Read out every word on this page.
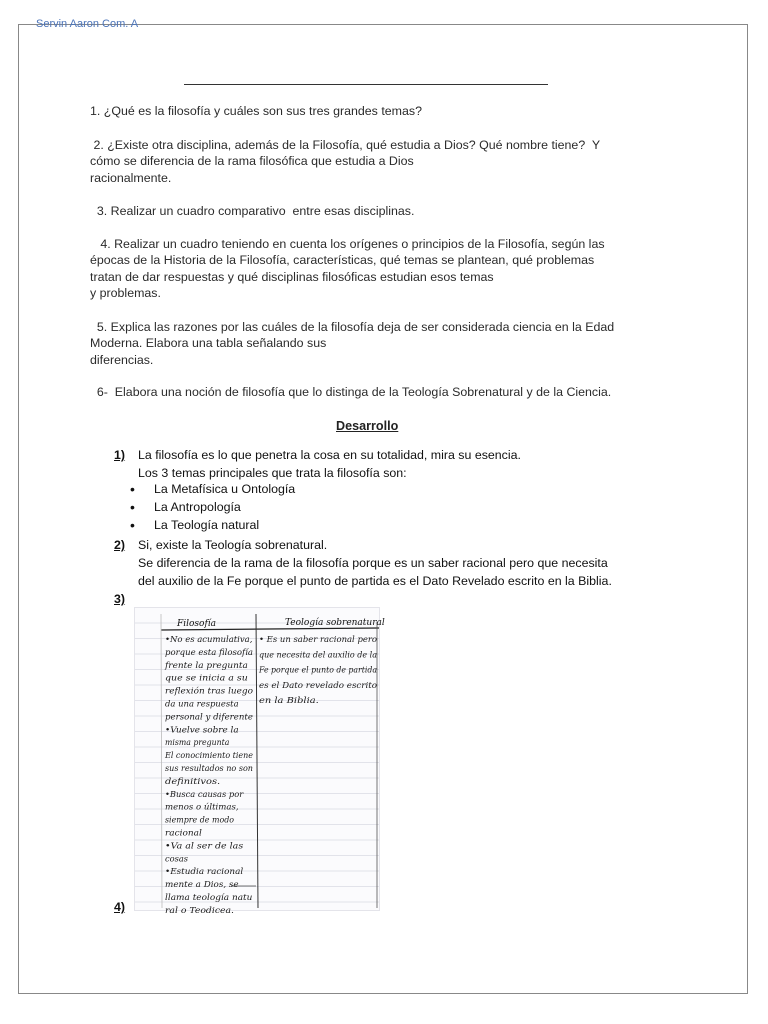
Servin Aaron Com. A
1. ¿Qué es la filosofía y cuáles son sus tres grandes temas?
2. ¿Existe otra disciplina, además de la Filosofía, qué estudia a Dios? Qué nombre tiene?  Y
cómo se diferencia de la rama filosófica que estudia a Dios
racionalmente.
3. Realizar un cuadro comparativo  entre esas disciplinas.
4. Realizar un cuadro teniendo en cuenta los orígenes o principios de la Filosofía, según las
épocas de la Historia de la Filosofía, características, qué temas se plantean, qué problemas
tratan de dar respuestas y qué disciplinas filosóficas estudian esos temas
y problemas.
5. Explica las razones por las cuáles de la filosofía deja de ser considerada ciencia en la Edad
Moderna. Elabora una tabla señalando sus
diferencias.
6-  Elabora una noción de filosofía que lo distinga de la Teología Sobrenatural y de la Ciencia.
Desarrollo
1) La filosofía es lo que penetra la cosa en su totalidad, mira su esencia.
Los 3 temas principales que trata la filosofía son:
• La Metafísica u Ontología
• La Antropología
• La Teología natural
2) Si, existe la Teología sobrenatural.
Se diferencia de la rama de la filosofía porque es un saber racional pero que necesita
del auxilio de la Fe porque el punto de partida es el Dato Revelado escrito en la Biblia.
3)
Filosofía	Teología sobrenatural
•No es acumulativa,
porque esta filosofía
frente la pregunta
que se inicia a su
reflexión tras luego
da una respuesta
personal y diferente
•Vuelve sobre la
misma pregunta
El conocimiento tiene
sus resultados no son
definitivos.
•Busca causas por
menos o últimas,
siempre de modo
racional
•Va al ser de las
cosas
•Estudia racional
mente a Dios, se
llama teología natu
ral o Teodicea.
• Es un saber racional pero
que necesita del auxilio de la
Fe porque el punto de partida
es el Dato revelado escrito
en la Biblia.
4)
